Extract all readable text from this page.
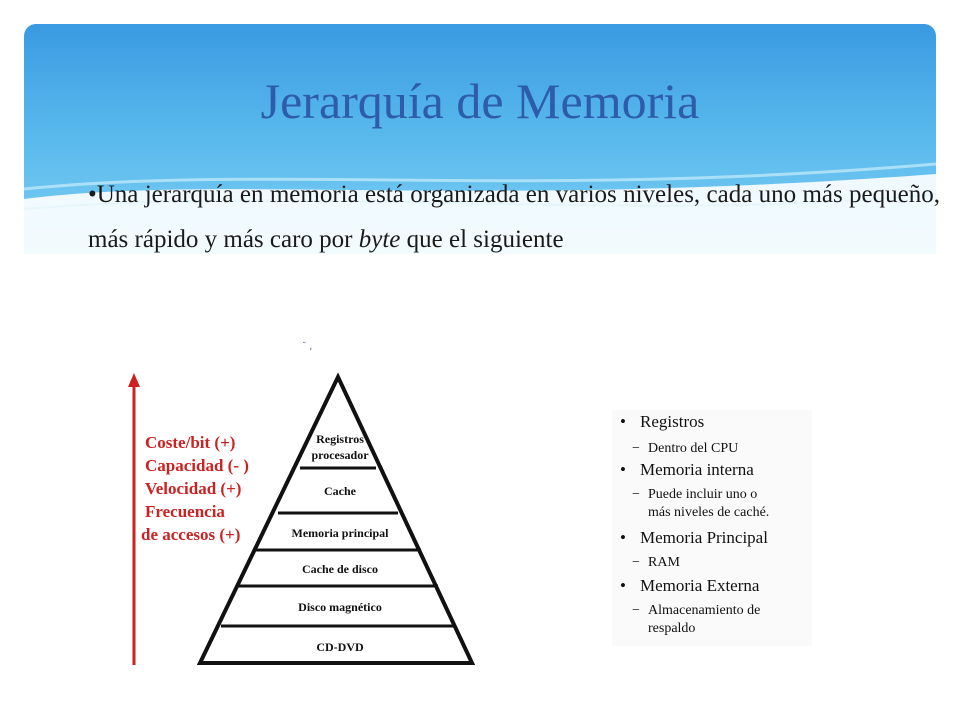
Jerarquía de Memoria
•Una jerarquía en memoria está organizada en varios niveles, cada uno más pequeño, más rápido y más caro por byte que el siguiente
˘ ,
Registros
procesador
Cache
Memoria principal
Cache de disco
Disco magnético
CD-DVD
Coste/bit (+)
Capacidad (- )
Velocidad (+)
Frecuencia
de accesos (+)
• Registros
− Dentro del CPU
• Memoria interna
− Puede incluir uno o
más niveles de caché.
• Memoria Principal
− RAM
• Memoria Externa
− Almacenamiento de
respaldo
